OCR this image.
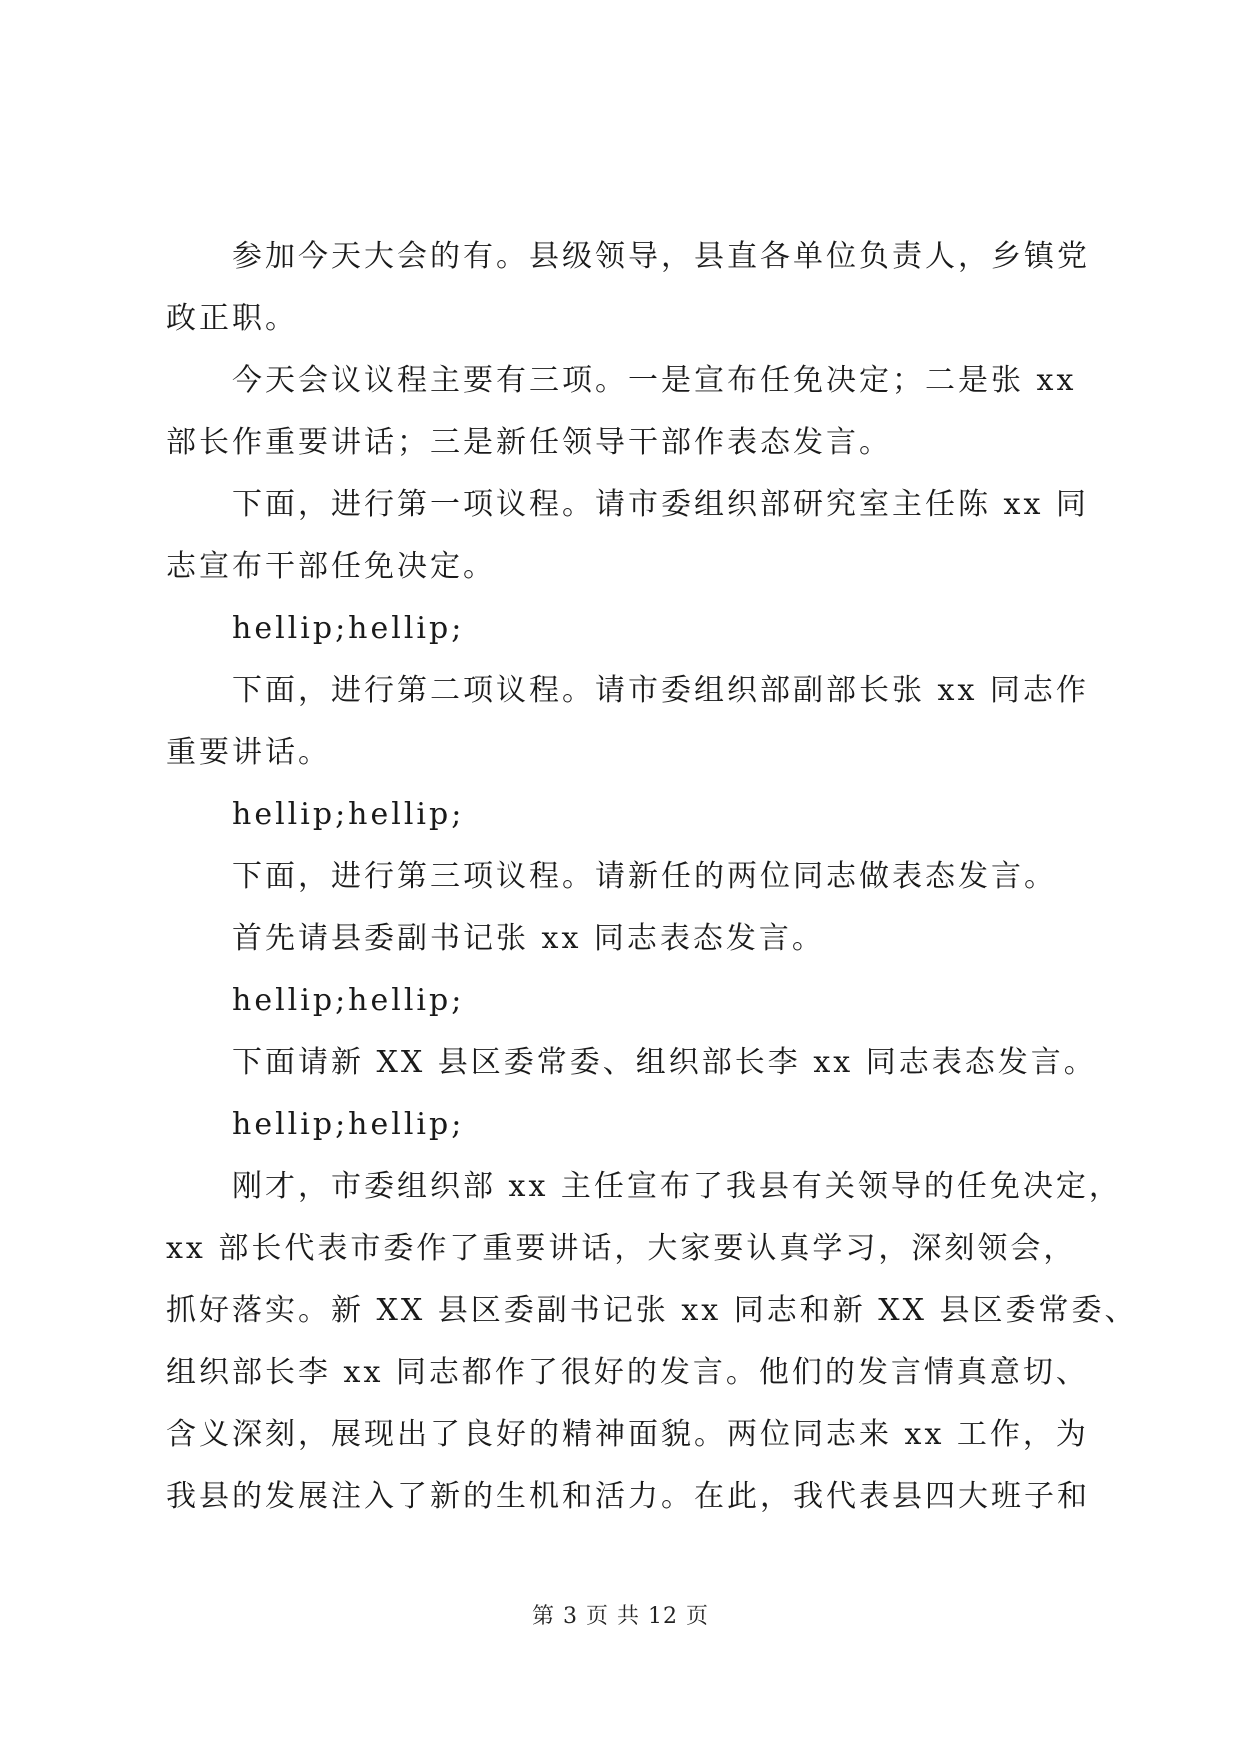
参加今天大会的有。县级领导，县直各单位负责人，乡镇党
政正职。
今天会议议程主要有三项。一是宣布任免决定；二是张 xx
部长作重要讲话；三是新任领导干部作表态发言。
下面，进行第一项议程。请市委组织部研究室主任陈 xx 同
志宣布干部任免决定。
hellip;hellip;
下面，进行第二项议程。请市委组织部副部长张 xx 同志作
重要讲话。
hellip;hellip;
下面，进行第三项议程。请新任的两位同志做表态发言。
首先请县委副书记张 xx 同志表态发言。
hellip;hellip;
下面请新 XX 县区委常委、组织部长李 xx 同志表态发言。
hellip;hellip;
刚才，市委组织部 xx 主任宣布了我县有关领导的任免决定，
xx 部长代表市委作了重要讲话，大家要认真学习，深刻领会，
抓好落实。新 XX 县区委副书记张 xx 同志和新 XX 县区委常委、
组织部长李 xx 同志都作了很好的发言。他们的发言情真意切、
含义深刻，展现出了良好的精神面貌。两位同志来 xx 工作，为
我县的发展注入了新的生机和活力。在此，我代表县四大班子和
第 3 页 共 12 页
